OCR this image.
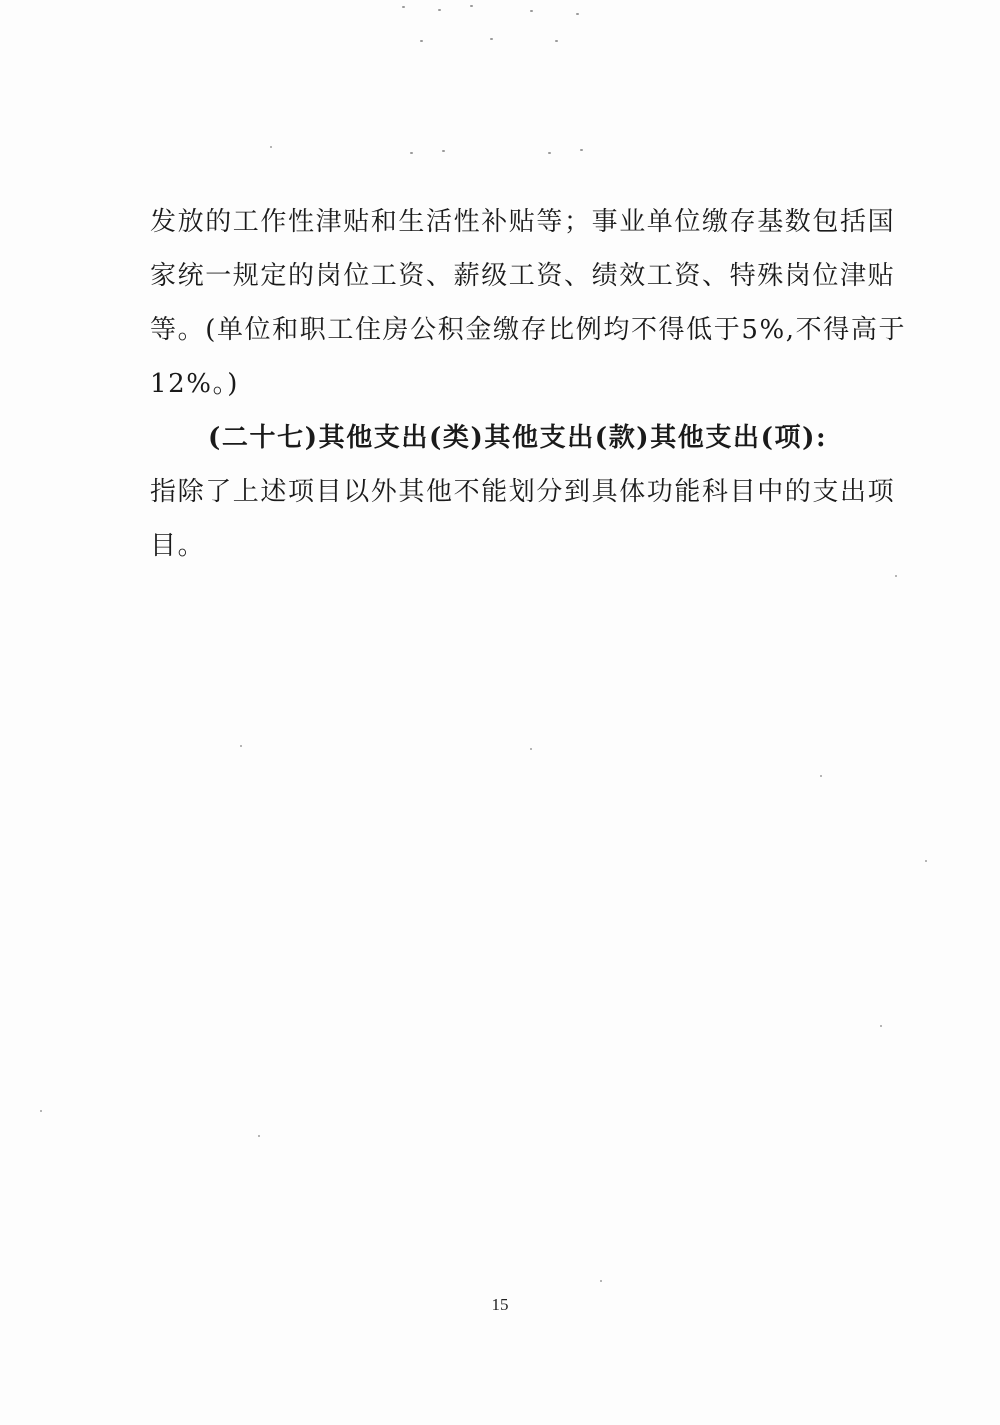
发放的工作性津贴和生活性补贴等；事业单位缴存基数包括国
家统一规定的岗位工资、薪级工资、绩效工资、特殊岗位津贴
等。(单位和职工住房公积金缴存比例均不得低于5%,不得高于
12%。)
(二十七)其他支出(类)其他支出(款)其他支出(项):
指除了上述项目以外其他不能划分到具体功能科目中的支出项
目。
15
